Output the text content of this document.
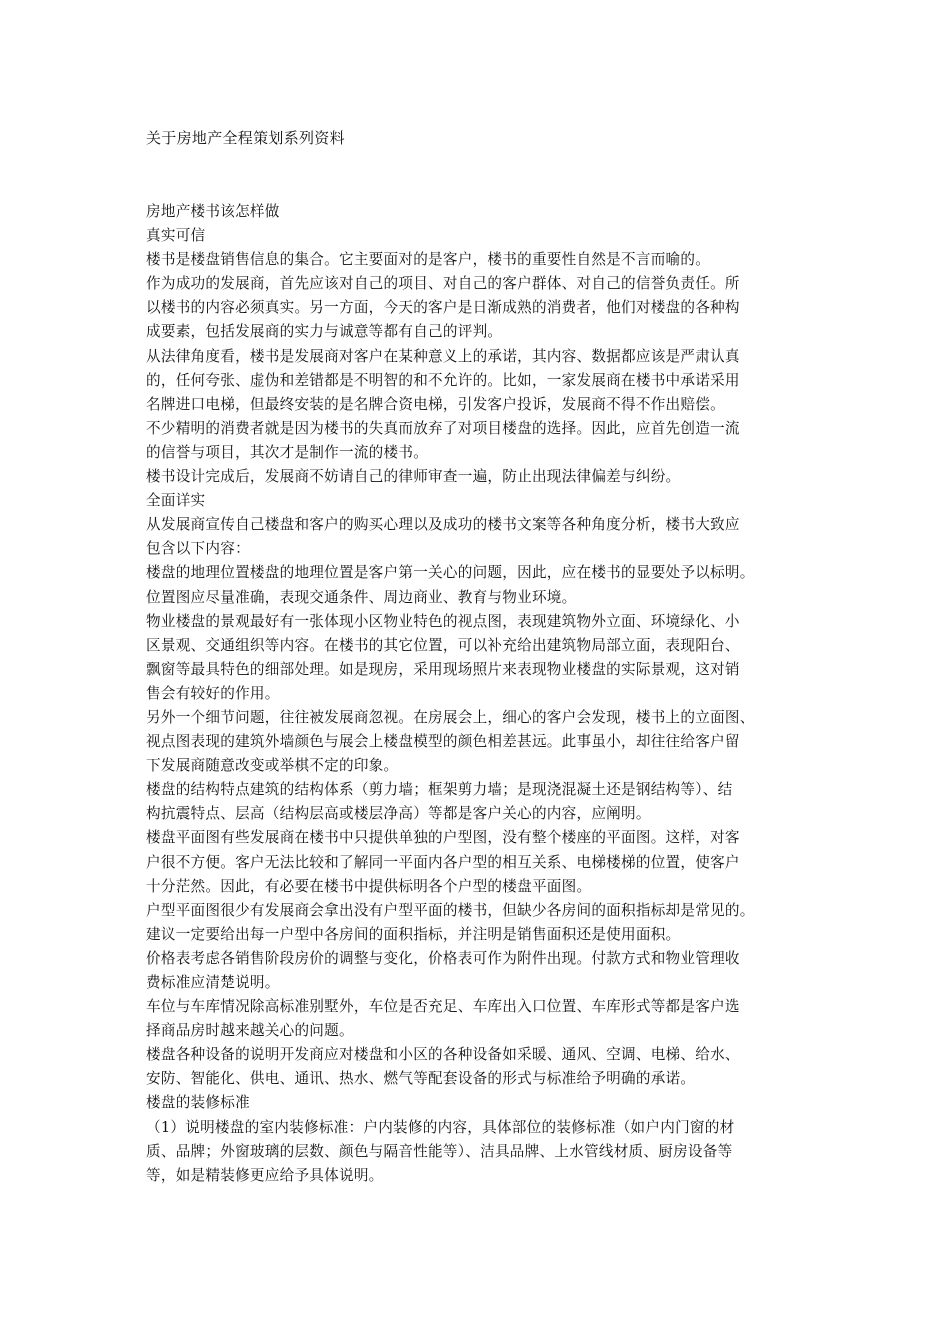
关于房地产全程策划系列资料
房地产楼书该怎样做
真实可信
楼书是楼盘销售信息的集合。它主要面对的是客户，楼书的重要性自然是不言而喻的。
作为成功的发展商，首先应该对自己的项目、对自己的客户群体、对自己的信誉负责任。所
以楼书的内容必须真实。另一方面，今天的客户是日渐成熟的消费者，他们对楼盘的各种构
成要素，包括发展商的实力与诚意等都有自己的评判。
从法律角度看，楼书是发展商对客户在某种意义上的承诺，其内容、数据都应该是严肃认真
的，任何夸张、虚伪和差错都是不明智的和不允许的。比如，一家发展商在楼书中承诺采用
名牌进口电梯，但最终安装的是名牌合资电梯，引发客户投诉，发展商不得不作出赔偿。
不少精明的消费者就是因为楼书的失真而放弃了对项目楼盘的选择。因此，应首先创造一流
的信誉与项目，其次才是制作一流的楼书。
楼书设计完成后，发展商不妨请自己的律师审查一遍，防止出现法律偏差与纠纷。
全面详实
从发展商宣传自己楼盘和客户的购买心理以及成功的楼书文案等各种角度分析，楼书大致应
包含以下内容：
楼盘的地理位置楼盘的地理位置是客户第一关心的问题，因此，应在楼书的显要处予以标明。
位置图应尽量准确，表现交通条件、周边商业、教育与物业环境。
物业楼盘的景观最好有一张体现小区物业特色的视点图，表现建筑物外立面、环境绿化、小
区景观、交通组织等内容。在楼书的其它位置，可以补充给出建筑物局部立面，表现阳台、
飘窗等最具特色的细部处理。如是现房，采用现场照片来表现物业楼盘的实际景观，这对销
售会有较好的作用。
另外一个细节问题，往往被发展商忽视。在房展会上，细心的客户会发现，楼书上的立面图、
视点图表现的建筑外墙颜色与展会上楼盘模型的颜色相差甚远。此事虽小，却往往给客户留
下发展商随意改变或举棋不定的印象。
楼盘的结构特点建筑的结构体系（剪力墙；框架剪力墙；是现浇混凝土还是钢结构等）、结
构抗震特点、层高（结构层高或楼层净高）等都是客户关心的内容，应阐明。
楼盘平面图有些发展商在楼书中只提供单独的户型图，没有整个楼座的平面图。这样，对客
户很不方便。客户无法比较和了解同一平面内各户型的相互关系、电梯楼梯的位置，使客户
十分茫然。因此，有必要在楼书中提供标明各个户型的楼盘平面图。
户型平面图很少有发展商会拿出没有户型平面的楼书，但缺少各房间的面积指标却是常见的。
建议一定要给出每一户型中各房间的面积指标，并注明是销售面积还是使用面积。
价格表考虑各销售阶段房价的调整与变化，价格表可作为附件出现。付款方式和物业管理收
费标准应清楚说明。
车位与车库情况除高标准别墅外，车位是否充足、车库出入口位置、车库形式等都是客户选
择商品房时越来越关心的问题。
楼盘各种设备的说明开发商应对楼盘和小区的各种设备如采暖、通风、空调、电梯、给水、
安防、智能化、供电、通讯、热水、燃气等配套设备的形式与标准给予明确的承诺。
楼盘的装修标准
（1）说明楼盘的室内装修标准：户内装修的内容，具体部位的装修标准（如户内门窗的材
质、品牌；外窗玻璃的层数、颜色与隔音性能等）、洁具品牌、上水管线材质、厨房设备等
等，如是精装修更应给予具体说明。
